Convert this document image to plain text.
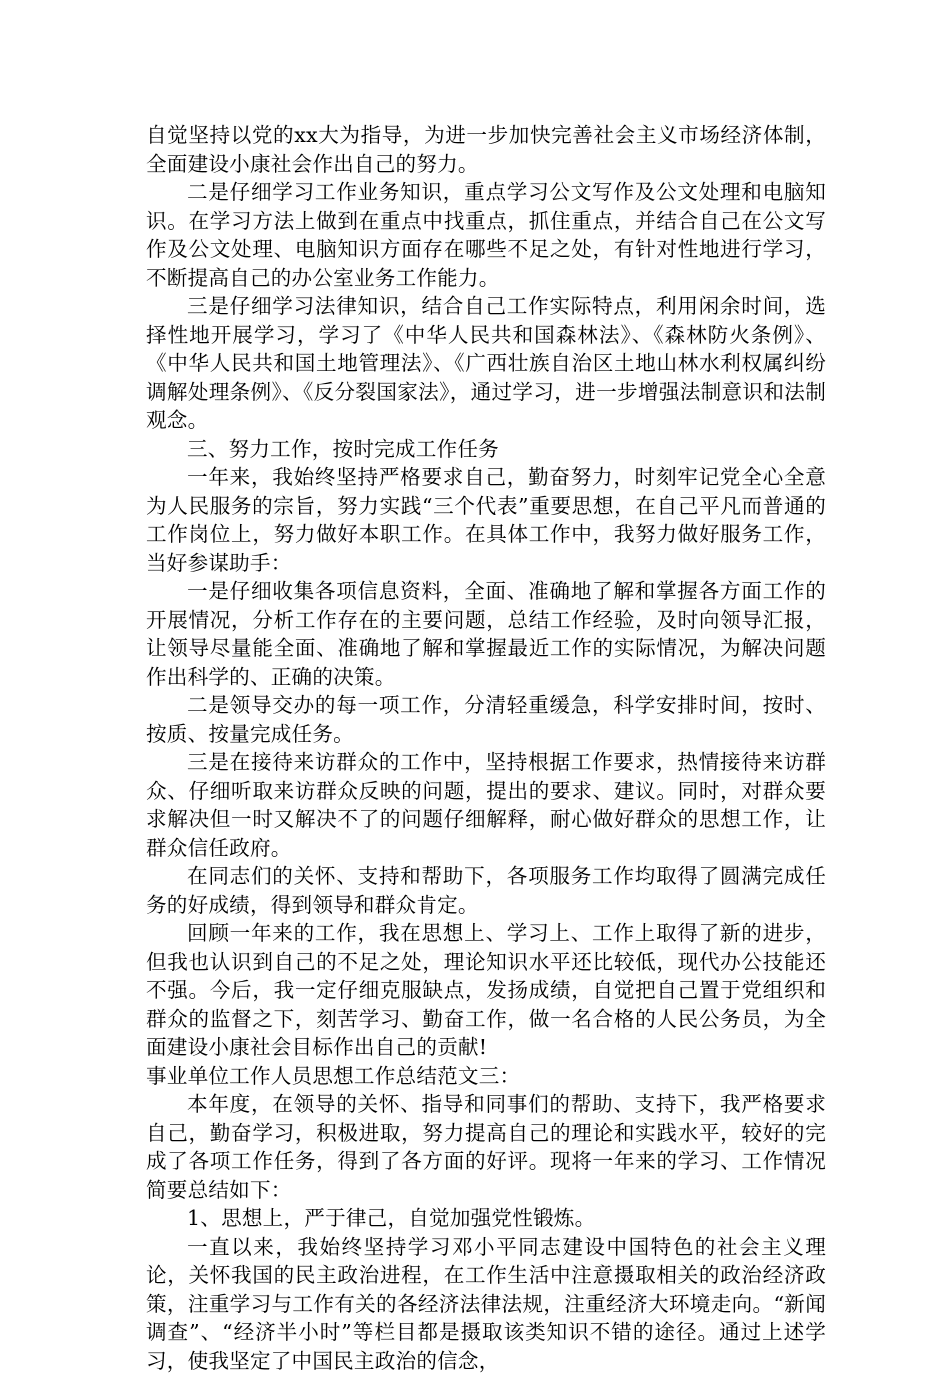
自觉坚持以党的xx大为指导，为进一步加快完善社会主义市场经济体制，全面建设小康社会作出自己的努力。

二是仔细学习工作业务知识，重点学习公文写作及公文处理和电脑知识。在学习方法上做到在重点中找重点，抓住重点，并结合自己在公文写作及公文处理、电脑知识方面存在哪些不足之处，有针对性地进行学习，不断提高自己的办公室业务工作能力。

三是仔细学习法律知识，结合自己工作实际特点，利用闲余时间，选择性地开展学习，学习了《中华人民共和国森林法》、《森林防火条例》、《中华人民共和国土地管理法》、《广西壮族自治区土地山林水利权属纠纷调解处理条例》、《反分裂国家法》，通过学习，进一步增强法制意识和法制观念。

三、努力工作，按时完成工作任务

一年来，我始终坚持严格要求自己，勤奋努力，时刻牢记党全心全意为人民服务的宗旨，努力实践“三个代表”重要思想，在自己平凡而普通的工作岗位上，努力做好本职工作。在具体工作中，我努力做好服务工作，当好参谋助手：

一是仔细收集各项信息资料，全面、准确地了解和掌握各方面工作的开展情况，分析工作存在的主要问题，总结工作经验，及时向领导汇报，让领导尽量能全面、准确地了解和掌握最近工作的实际情况，为解决问题作出科学的、正确的决策。

二是领导交办的每一项工作，分清轻重缓急，科学安排时间，按时、按质、按量完成任务。

三是在接待来访群众的工作中，坚持根据工作要求，热情接待来访群众、仔细听取来访群众反映的问题，提出的要求、建议。同时，对群众要求解决但一时又解决不了的问题仔细解释，耐心做好群众的思想工作，让群众信任政府。

在同志们的关怀、支持和帮助下，各项服务工作均取得了圆满完成任务的好成绩，得到领导和群众肯定。

回顾一年来的工作，我在思想上、学习上、工作上取得了新的进步，但我也认识到自己的不足之处，理论知识水平还比较低，现代办公技能还不强。今后，我一定仔细克服缺点，发扬成绩，自觉把自己置于党组织和群众的监督之下，刻苦学习、勤奋工作，做一名合格的人民公务员，为全面建设小康社会目标作出自己的贡献!

事业单位工作人员思想工作总结范文三：

本年度，在领导的关怀、指导和同事们的帮助、支持下，我严格要求自己，勤奋学习，积极进取，努力提高自己的理论和实践水平，较好的完成了各项工作任务，得到了各方面的好评。现将一年来的学习、工作情况简要总结如下：

1、思想上，严于律己，自觉加强党性锻炼。

一直以来，我始终坚持学习邓小平同志建设中国特色的社会主义理论，关怀我国的民主政治进程，在工作生活中注意摄取相关的政治经济政策，注重学习与工作有关的各经济法律法规，注重经济大环境走向。“新闻调查”、“经济半小时”等栏目都是摄取该类知识不错的途径。通过上述学习，使我坚定了中国民主政治的信念，
